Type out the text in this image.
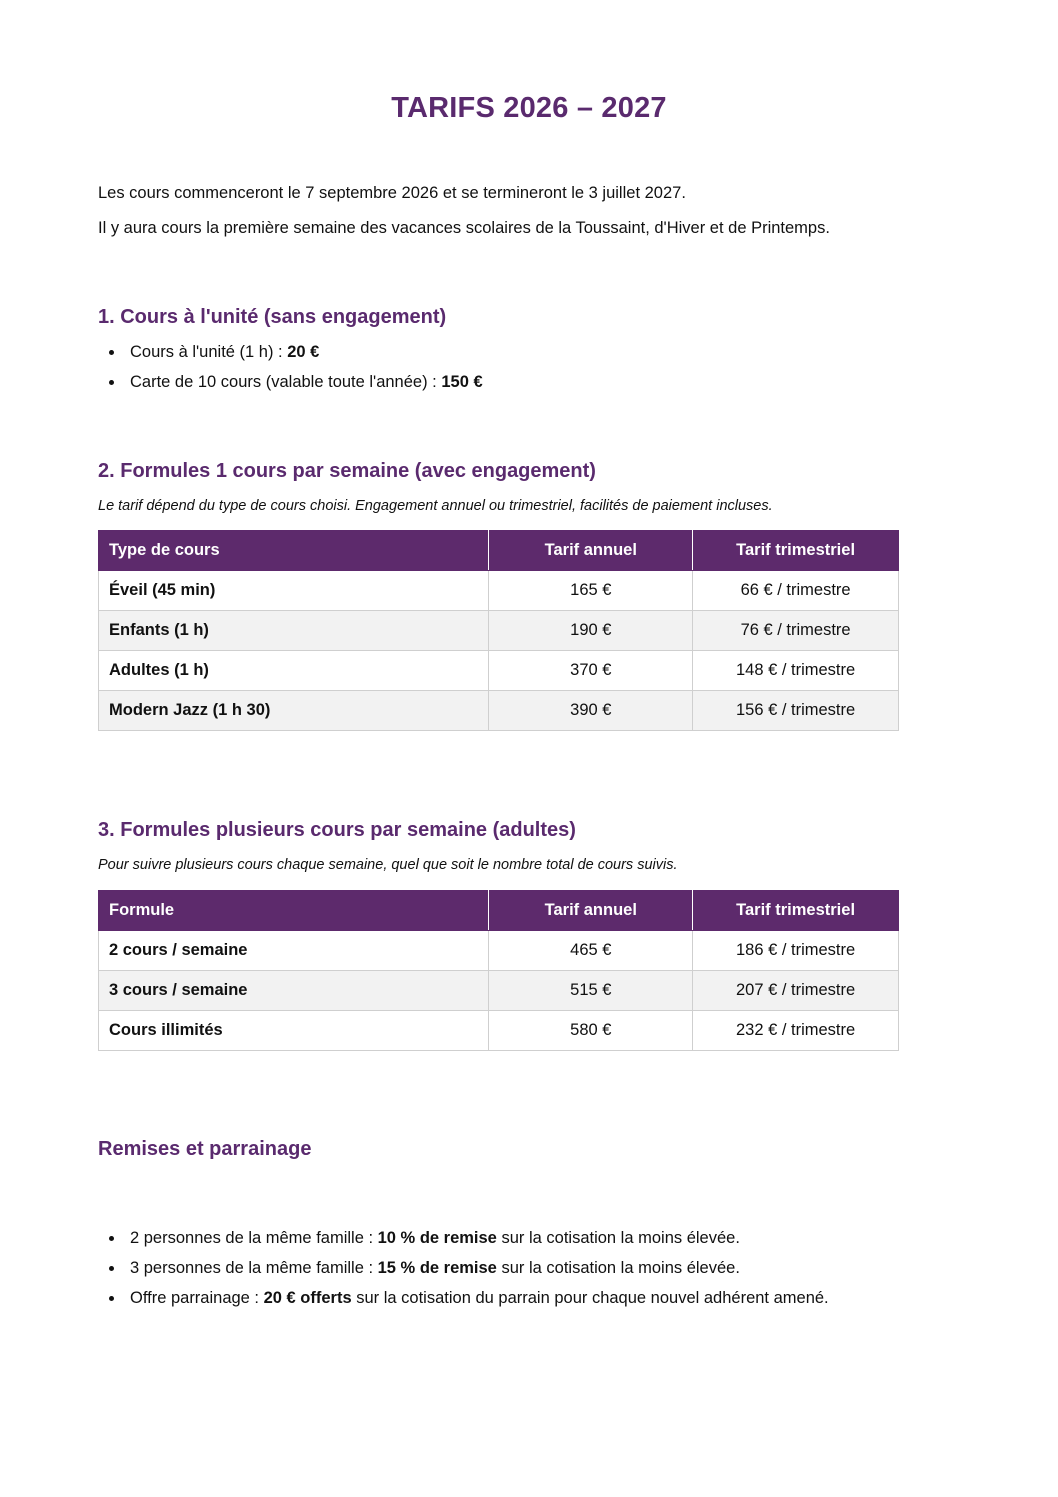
TARIFS 2026 – 2027
Les cours commenceront le 7 septembre 2026 et se termineront le 3 juillet 2027.
Il y aura cours la première semaine des vacances scolaires de la Toussaint, d'Hiver et de Printemps.
1. Cours à l'unité (sans engagement)
Cours à l'unité (1 h) : 20 €
Carte de 10 cours (valable toute l'année) : 150 €
2. Formules 1 cours par semaine (avec engagement)
Le tarif dépend du type de cours choisi. Engagement annuel ou trimestriel, facilités de paiement incluses.
Type de cours	Tarif annuel	Tarif trimestriel
Éveil (45 min)	165 €	66 € / trimestre
Enfants (1 h)	190 €	76 € / trimestre
Adultes (1 h)	370 €	148 € / trimestre
Modern Jazz (1 h 30)	390 €	156 € / trimestre
3. Formules plusieurs cours par semaine (adultes)
Pour suivre plusieurs cours chaque semaine, quel que soit le nombre total de cours suivis.
Formule	Tarif annuel	Tarif trimestriel
2 cours / semaine	465 €	186 € / trimestre
3 cours / semaine	515 €	207 € / trimestre
Cours illimités	580 €	232 € / trimestre
Remises et parrainage
2 personnes de la même famille : 10 % de remise sur la cotisation la moins élevée.
3 personnes de la même famille : 15 % de remise sur la cotisation la moins élevée.
Offre parrainage : 20 € offerts sur la cotisation du parrain pour chaque nouvel adhérent amené.
